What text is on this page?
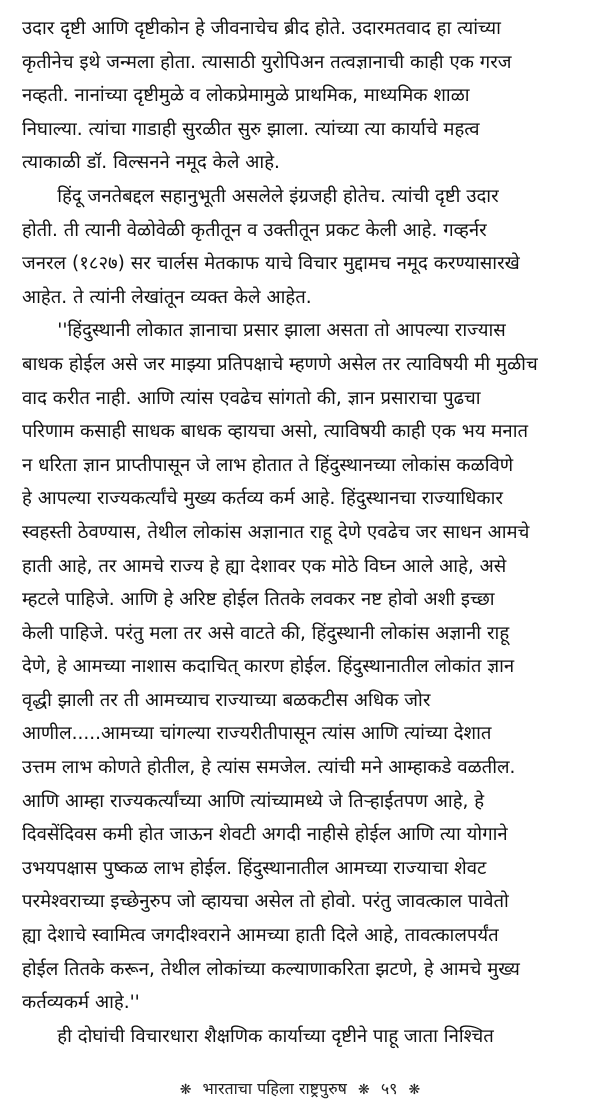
उदार दृष्टी आणि दृष्टीकोन हे जीवनाचेच ब्रीद होते. उदारमतवाद हा त्यांच्या
कृतीनेच इथे जन्मला होता. त्यासाठी युरोपिअन तत्वज्ञानाची काही एक गरज
नव्हती. नानांच्या दृष्टीमुळे व लोकप्रेमामुळे प्राथमिक, माध्यमिक शाळा
निघाल्या. त्यांचा गाडाही सुरळीत सुरु झाला. त्यांच्या त्या कार्याचे महत्व
त्याकाळी डॉ. विल्सनने नमूद केले आहे.
हिंदू जनतेबद्दल सहानुभूती असलेले इंग्रजही होतेच. त्यांची दृष्टी उदार
होती. ती त्यानी वेळोवेळी कृतीतून व उक्तीतून प्रकट केली आहे. गव्हर्नर
जनरल (१८२७) सर चार्लस मेतकाफ याचे विचार मुद्दामच नमूद करण्यासारखे
आहेत. ते त्यांनी लेखांतून व्यक्त केले आहेत.
''हिंदुस्थानी लोकात ज्ञानाचा प्रसार झाला असता तो आपल्या राज्यास
बाधक होईल असे जर माझ्या प्रतिपक्षाचे म्हणणे असेल तर त्याविषयी मी मुळीच
वाद करीत नाही. आणि त्यांस एवढेच सांगतो की, ज्ञान प्रसाराचा पुढचा
परिणाम कसाही साधक बाधक व्हायचा असो, त्याविषयी काही एक भय मनात
न धरिता ज्ञान प्राप्तीपासून जे लाभ होतात ते हिंदुस्थानच्या लोकांस कळविणे
हे आपल्या राज्यकर्त्यांचे मुख्य कर्तव्य कर्म आहे. हिंदुस्थानचा राज्याधिकार
स्वहस्ती ठेवण्यास, तेथील लोकांस अज्ञानात राहू देणे एवढेच जर साधन आमचे
हाती आहे, तर आमचे राज्य हे ह्या देशावर एक मोठे विघ्न आले आहे, असे
म्हटले पाहिजे. आणि हे अरिष्ट होईल तितके लवकर नष्ट होवो अशी इच्छा
केली पाहिजे. परंतु मला तर असे वाटते की, हिंदुस्थानी लोकांस अज्ञानी राहू
देणे, हे आमच्या नाशास कदाचित् कारण होईल. हिंदुस्थानातील लोकांत ज्ञान
वृद्धी झाली तर ती आमच्याच राज्याच्या बळकटीस अधिक जोर
आणील.....आमच्या चांगल्या राज्यरीतीपासून त्यांस आणि त्यांच्या देशात
उत्तम लाभ कोणते होतील, हे त्यांस समजेल. त्यांची मने आम्हाकडे वळतील.
आणि आम्हा राज्यकर्त्यांच्या आणि त्यांच्यामध्ये जे तिऱ्हाईतपण आहे, हे
दिवसेंदिवस कमी होत जाऊन शेवटी अगदी नाहीसे होईल आणि त्या योगाने
उभयपक्षास पुष्कळ लाभ होईल. हिंदुस्थानातील आमच्या राज्याचा शेवट
परमेश्वराच्या इच्छेनुरुप जो व्हायचा असेल तो होवो. परंतु जावत्काल पावेतो
ह्या देशाचे स्वामित्व जगदीश्वराने आमच्या हाती दिले आहे, तावत्कालपर्यंत
होईल तितके करून, तेथील लोकांच्या कल्याणाकरिता झटणे, हे आमचे मुख्य
कर्तव्यकर्म आहे.''
ही दोघांची विचारधारा शैक्षणिक कार्याच्या दृष्टीने पाहू जाता निश्चित
❋ भारताचा पहिला राष्ट्रपुरुष ❋ ५९ ❋
